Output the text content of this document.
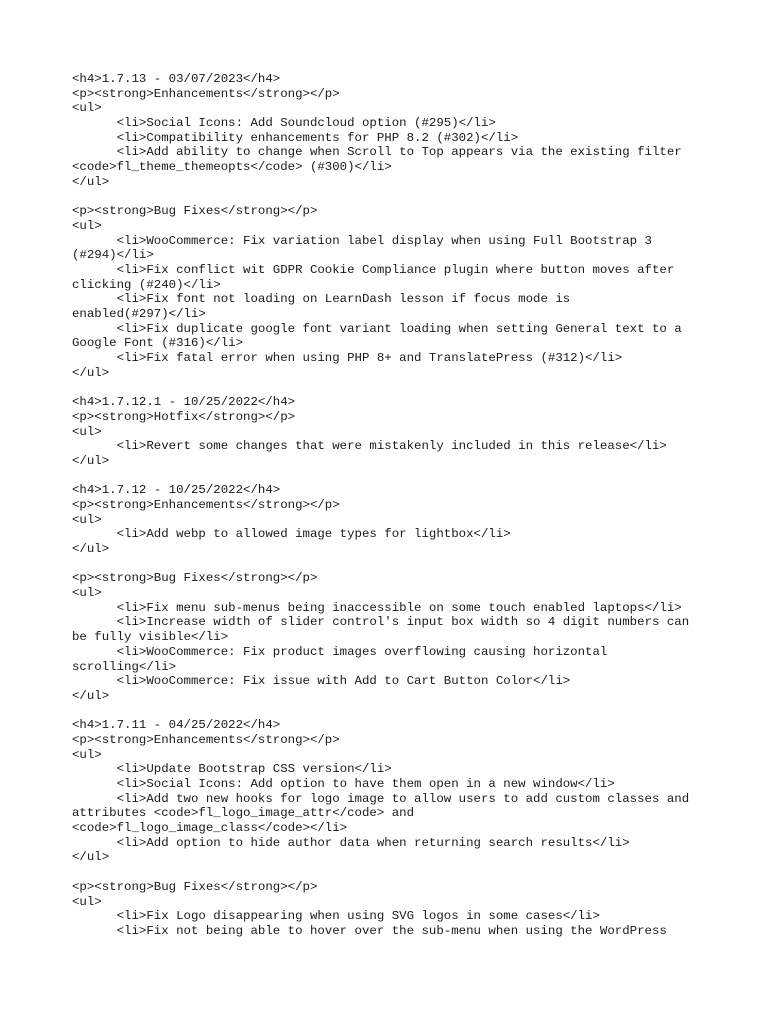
<h4>1.7.13 - 03/07/2023</h4>
<p><strong>Enhancements</strong></p>
<ul>
<li>Social Icons: Add Soundcloud option (#295)</li>
<li>Compatibility enhancements for PHP 8.2 (#302)</li>
<li>Add ability to change when Scroll to Top appears via the existing filter
<code>fl_theme_themeopts</code> (#300)</li>
</ul>
<p><strong>Bug Fixes</strong></p>
<ul>
<li>WooCommerce: Fix variation label display when using Full Bootstrap 3
(#294)</li>
<li>Fix conflict wit GDPR Cookie Compliance plugin where button moves after
clicking (#240)</li>
<li>Fix font not loading on LearnDash lesson if focus mode is
enabled(#297)</li>
<li>Fix duplicate google font variant loading when setting General text to a
Google Font (#316)</li>
<li>Fix fatal error when using PHP 8+ and TranslatePress (#312)</li>
</ul>
<h4>1.7.12.1 - 10/25/2022</h4>
<p><strong>Hotfix</strong></p>
<ul>
<li>Revert some changes that were mistakenly included in this release</li>
</ul>
<h4>1.7.12 - 10/25/2022</h4>
<p><strong>Enhancements</strong></p>
<ul>
<li>Add webp to allowed image types for lightbox</li>
</ul>
<p><strong>Bug Fixes</strong></p>
<ul>
<li>Fix menu sub-menus being inaccessible on some touch enabled laptops</li>
<li>Increase width of slider control's input box width so 4 digit numbers can
be fully visible</li>
<li>WooCommerce: Fix product images overflowing causing horizontal
scrolling</li>
<li>WooCommerce: Fix issue with Add to Cart Button Color</li>
</ul>
<h4>1.7.11 - 04/25/2022</h4>
<p><strong>Enhancements</strong></p>
<ul>
<li>Update Bootstrap CSS version</li>
<li>Social Icons: Add option to have them open in a new window</li>
<li>Add two new hooks for logo image to allow users to add custom classes and
attributes <code>fl_logo_image_attr</code> and
<code>fl_logo_image_class</code></li>
<li>Add option to hide author data when returning search results</li>
</ul>
<p><strong>Bug Fixes</strong></p>
<ul>
<li>Fix Logo disappearing when using SVG logos in some cases</li>
<li>Fix not being able to hover over the sub-menu when using the WordPress
